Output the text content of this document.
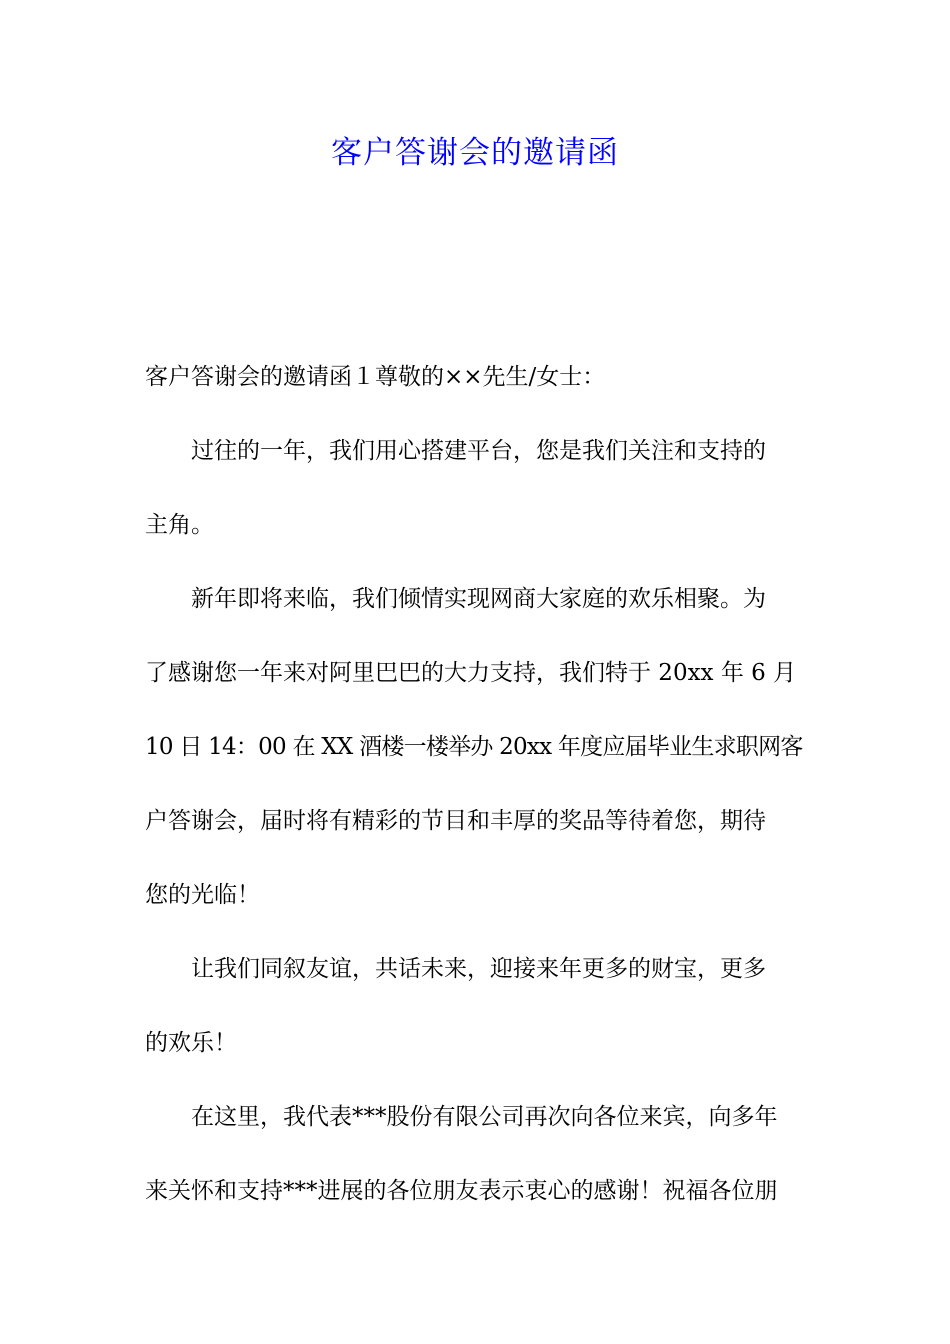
客户答谢会的邀请函
客户答谢会的邀请函１尊敬的××先生/女士：
过往的一年，我们用心搭建平台，您是我们关注和支持的
主角。
新年即将来临，我们倾情实现网商大家庭的欢乐相聚。为
了感谢您一年来对阿里巴巴的大力支持，我们特于 20xx 年 6 月
10 日 14：00 在 XX 酒楼一楼举办 20xx 年度应届毕业生求职网客
户答谢会，届时将有精彩的节目和丰厚的奖品等待着您，期待
您的光临！
让我们同叙友谊，共话未来，迎接来年更多的财宝，更多
的欢乐！
在这里，我代表***股份有限公司再次向各位来宾，向多年
来关怀和支持***进展的各位朋友表示衷心的感谢！祝福各位朋
